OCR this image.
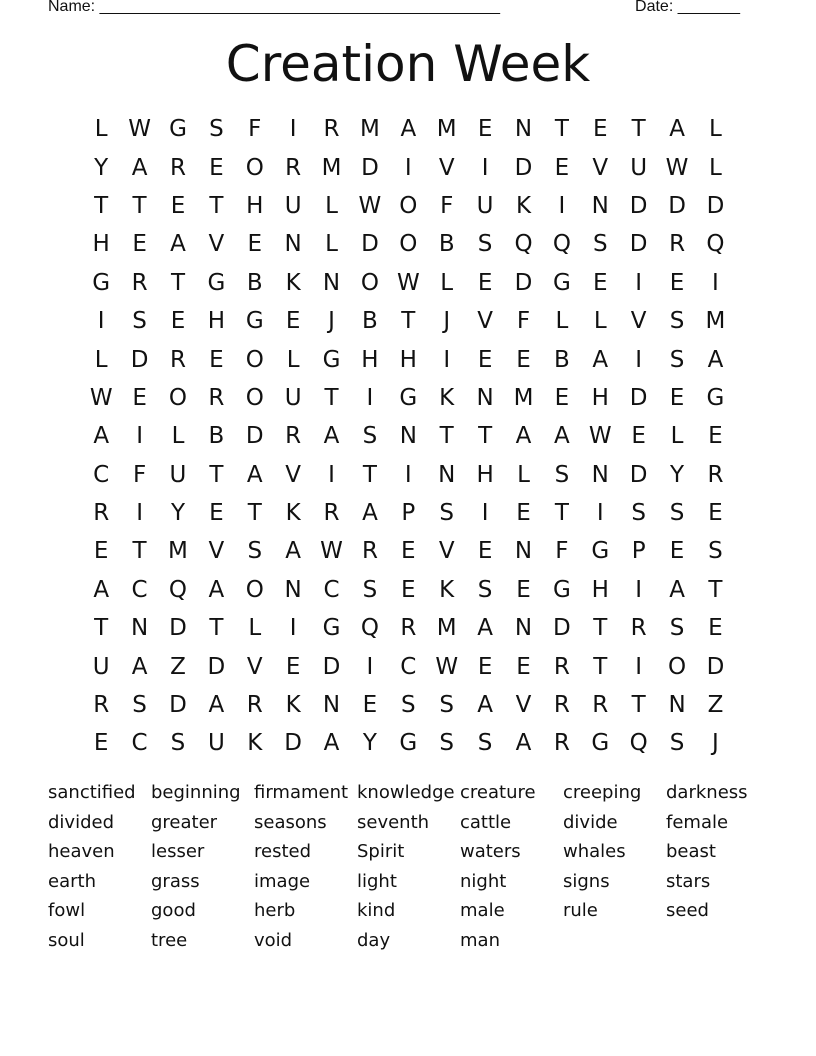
Name: _____________________________________________	Date: _______
Creation Week
L W G S	F	I	R M A M E N T	E	T	A	L
Y	A R	E O R M D	I	V	I	D E	V U W L
T	T	E	T H U	L W O F	U K	I	N D D D
H E	A V	E N	L	D O B	S Q Q S D R Q
G R	T G B K N O W L	E D G E	I	E	I
I	S	E H G E	J	B	T	J	V	F	L	L	V	S M
L	D R	E O L	G H H	I	E	E	B A	I	S	A
W E O R O U T	I	G K N M E H D E G
A	I	L	B D R A	S N T	T	A A W E	L	E
C	F	U T	A V	I	T	I	N H	L	S N D Y	R
R	I	Y	E	T	K R A	P	S	I	E	T	I	S	S	E
E	T M V	S	A W R	E	V	E N	F G P	E	S
A C Q A O N C	S	E	K	S	E G H	I	A	T
T N D T	L	I	G Q R M A N D T	R	S	E
U A Z D V	E D	I	C W E	E	R	T	I	O D
R	S D A R K N E	S	S	A V R R	T N Z
E	C	S U K D A	Y G S	S	A R G Q S	J
sanctified beginning firmament knowledge creature	creeping	darkness
divided	greater	seasons	seventh	cattle	divide	female
heaven	lesser	rested	Spirit	waters	whales	beast
earth	grass	image	light	night	signs	stars
fowl	good	herb	kind	male	rule	seed
soul	tree	void	day	man
